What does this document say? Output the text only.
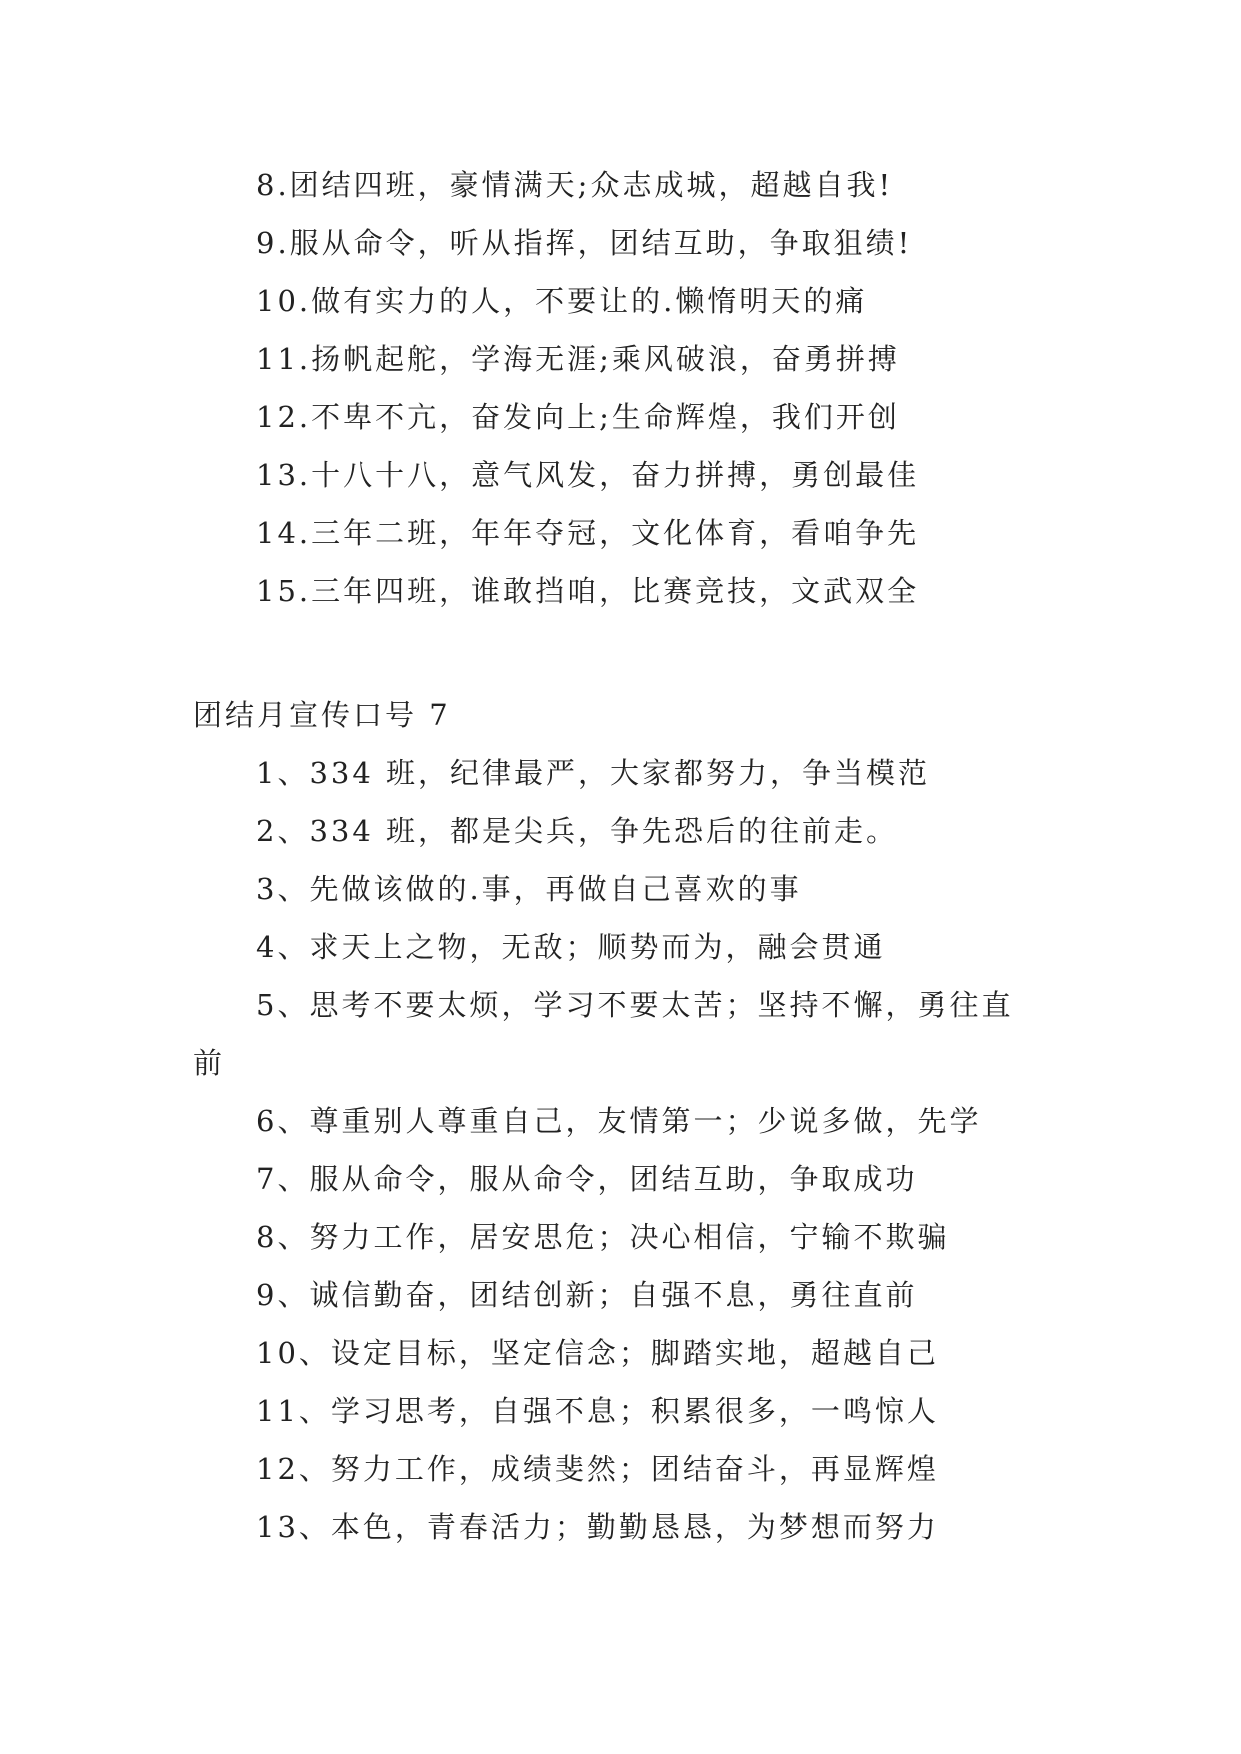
8.团结四班，豪情满天;众志成城，超越自我!
9.服从命令，听从指挥，团结互助，争取狙绩!
10.做有实力的人，不要让的.懒惰明天的痛
11.扬帆起舵，学海无涯;乘风破浪，奋勇拼搏
12.不卑不亢，奋发向上;生命辉煌，我们开创
13.十八十八，意气风发，奋力拼搏，勇创最佳
14.三年二班，年年夺冠，文化体育，看咱争先
15.三年四班，谁敢挡咱，比赛竞技，文武双全
团结月宣传口号 7
1、334 班，纪律最严，大家都努力，争当模范
2、334 班，都是尖兵，争先恐后的往前走。
3、先做该做的.事，再做自己喜欢的事
4、求天上之物，无敌；顺势而为，融会贯通
5、思考不要太烦，学习不要太苦；坚持不懈，勇往直
前
6、尊重别人尊重自己，友情第一；少说多做，先学
7、服从命令，服从命令，团结互助，争取成功
8、努力工作，居安思危；决心相信，宁输不欺骗
9、诚信勤奋，团结创新；自强不息，勇往直前
10、设定目标，坚定信念；脚踏实地，超越自己
11、学习思考，自强不息；积累很多，一鸣惊人
12、努力工作，成绩斐然；团结奋斗，再显辉煌
13、本色，青春活力；勤勤恳恳，为梦想而努力
